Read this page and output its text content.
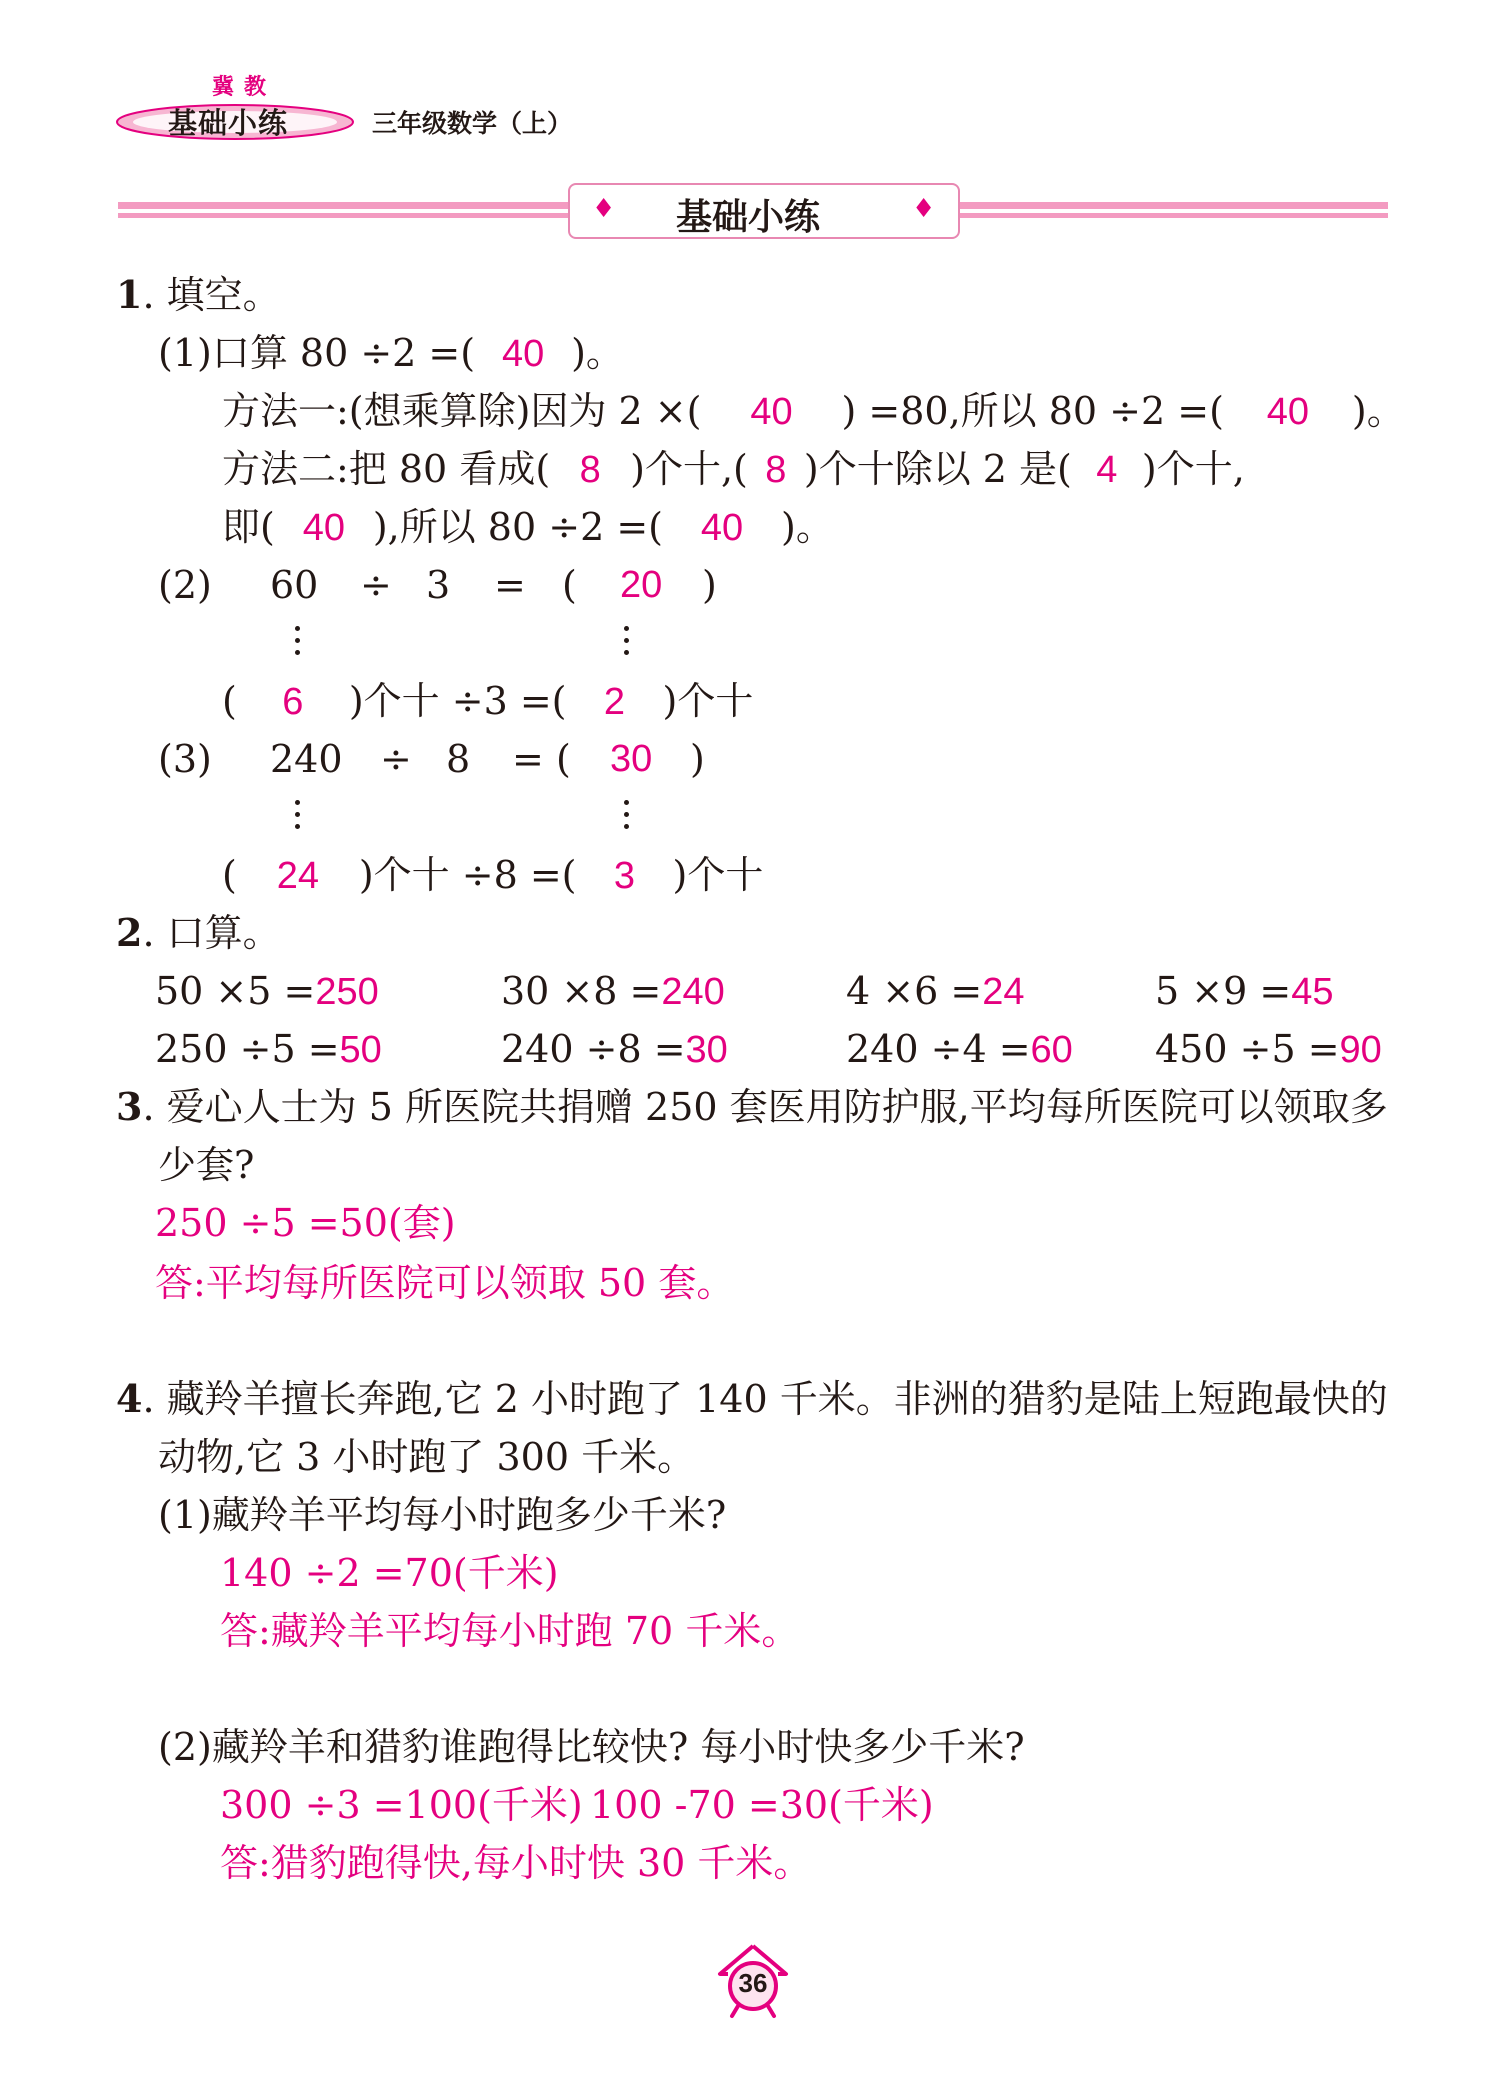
冀教
基础小练	三年级数学（上）
♦ 基础小练	♦
1. 填空。
(1)口算 80 ÷2 =( 40 )。
方法一:(想乘算除)因为 2 ×( 40 ) =80,所以 80 ÷2 =( 40 )。
方法二:把 80 看成( 8 )个十,( 8 )个十除以 2 是( 4 )个十,
即( 40 ),所以 80 ÷2 =( 40 )。
(2) 60 ÷ 3 = ( 20 )
( 6 )个十 ÷3 =( 2 )个十
(3) 240 ÷ 8 = ( 30 )
( 24 )个十 ÷8 =( 3 )个十
2. 口算。
50 ×5 =250	30 ×8 =240	4 ×6 =24	5 ×9 =45
250 ÷5 =50	240 ÷8 =30	240 ÷4 =60 450 ÷5 =90
3. 爱心人士为 5 所医院共捐赠 250 套医用防护服,平均每所医院可以领取多
少套?
250 ÷5 =50(套)
答:平均每所医院可以领取 50 套。
4. 藏羚羊擅长奔跑,它 2 小时跑了 140 千米。非洲的猎豹是陆上短跑最快的
动物,它 3 小时跑了 300 千米。
(1)藏羚羊平均每小时跑多少千米?
140 ÷2 =70(千米)
答:藏羚羊平均每小时跑 70 千米。
(2)藏羚羊和猎豹谁跑得比较快? 每小时快多少千米?
300 ÷3 =100(千米) 100 -70 =30(千米)
答:猎豹跑得快,每小时快 30 千米。
36
